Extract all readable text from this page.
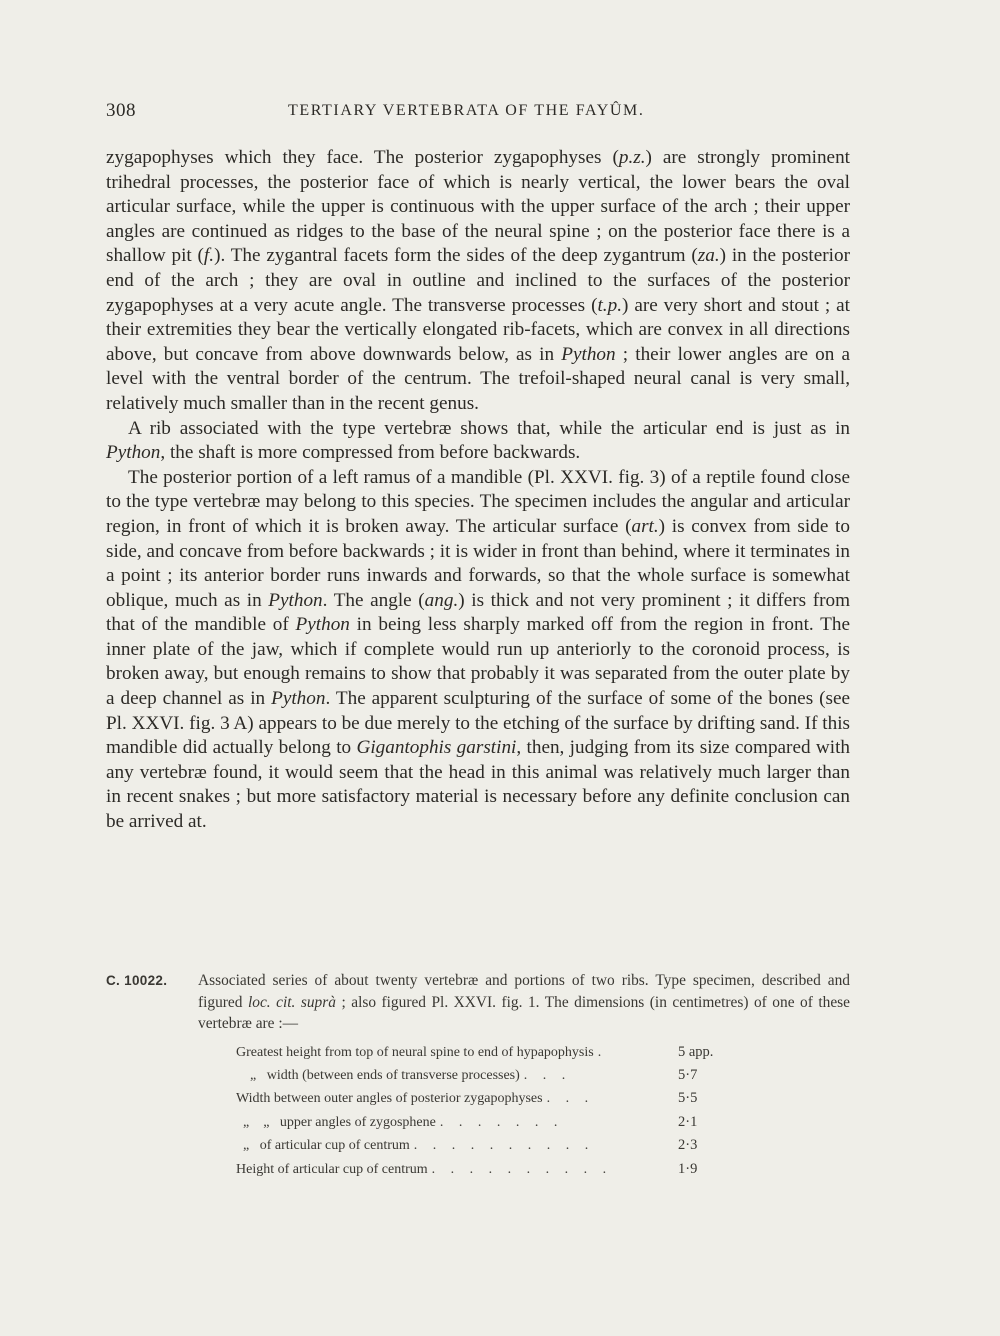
308	TERTIARY VERTEBRATA OF THE FAYÛM.

zygapophyses which they face. The posterior zygapophyses (p.z.) are strongly prominent trihedral processes, the posterior face of which is nearly vertical, the lower bears the oval articular surface, while the upper is continuous with the upper surface of the arch ; their upper angles are continued as ridges to the base of the neural spine ; on the posterior face there is a shallow pit (f.). The zygantral facets form the sides of the deep zygantrum (za.) in the posterior end of the arch ; they are oval in outline and inclined to the surfaces of the posterior zygapophyses at a very acute angle. The transverse processes (t.p.) are very short and stout ; at their extremities they bear the vertically elongated rib-facets, which are convex in all directions above, but concave from above downwards below, as in Python ; their lower angles are on a level with the ventral border of the centrum. The trefoil-shaped neural canal is very small, relatively much smaller than in the recent genus.

A rib associated with the type vertebræ shows that, while the articular end is just as in Python, the shaft is more compressed from before backwards.

The posterior portion of a left ramus of a mandible (Pl. XXVI. fig. 3) of a reptile found close to the type vertebræ may belong to this species. The specimen includes the angular and articular region, in front of which it is broken away. The articular surface (art.) is convex from side to side, and concave from before backwards ; it is wider in front than behind, where it terminates in a point ; its anterior border runs inwards and forwards, so that the whole surface is somewhat oblique, much as in Python. The angle (ang.) is thick and not very prominent ; it differs from that of the mandible of Python in being less sharply marked off from the region in front. The inner plate of the jaw, which if complete would run up anteriorly to the coronoid process, is broken away, but enough remains to show that probably it was separated from the outer plate by a deep channel as in Python. The apparent sculpturing of the surface of some of the bones (see Pl. XXVI. fig. 3 A) appears to be due merely to the etching of the surface by drifting sand. If this mandible did actually belong to Gigantophis garstini, then, judging from its size compared with any vertebræ found, it would seem that the head in this animal was relatively much larger than in recent snakes ; but more satisfactory material is necessary before any definite conclusion can be arrived at.

C. 10022. Associated series of about twenty vertebræ and portions of two ribs. Type specimen, described and figured loc. cit. suprà ; also figured Pl. XXVI. fig. 1. The dimensions (in centimetres) of one of these vertebræ are :—
Greatest height from top of neural spine to end of hypapophysis .	5 app.
„   width (between ends of transverse processes) . . .	5·7
Width between outer angles of posterior zygapophyses . . .	5·5
„    „   upper angles of zygosphene . . . . . . .	2·1
„   of articular cup of centrum . . . . . . . . . .	2·3
Height of articular cup of centrum . . . . . . . . . .	1·9
